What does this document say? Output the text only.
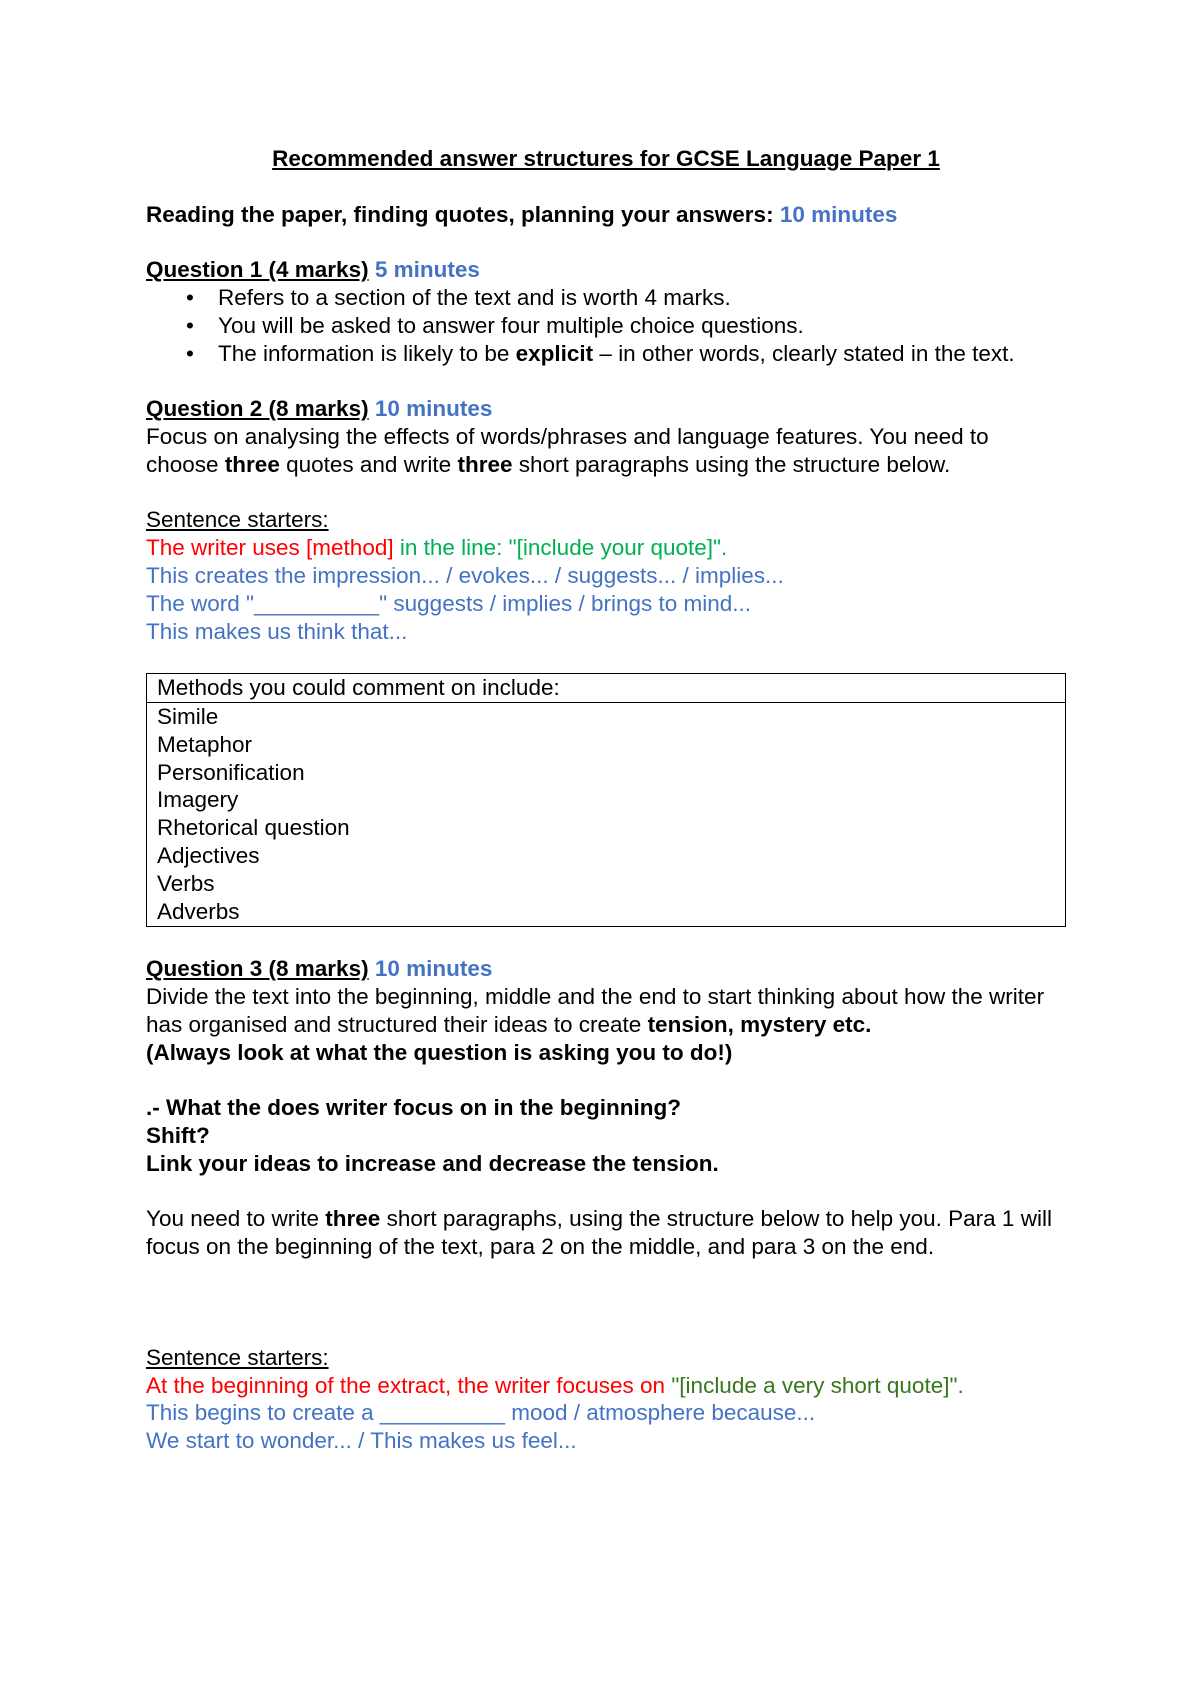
Recommended answer structures for GCSE Language Paper 1

Reading the paper, finding quotes, planning your answers: 10 minutes

Question 1 (4 marks) 5 minutes

• Refers to a section of the text and is worth 4 marks.
• You will be asked to answer four multiple choice questions.
• The information is likely to be explicit – in other words, clearly stated in the text.

Question 2 (8 marks) 10 minutes

Focus on analysing the effects of words/phrases and language features. You need to choose three quotes and write three short paragraphs using the structure below.

Sentence starters:

The writer uses [method] in the line: "[include your quote]".

This creates the impression... / evokes... / suggests... / implies...

The word "__________" suggests / implies / brings to mind...

This makes us think that...

Methods you could comment on include:
Simile
Metaphor
Personification
Imagery
Rhetorical question
Adjectives
Verbs
Adverbs

Question 3 (8 marks) 10 minutes

Divide the text into the beginning, middle and the end to start thinking about how the writer has organised and structured their ideas to create tension, mystery etc.

(Always look at what the question is asking you to do!)

.- What the does writer focus on in the beginning?

Shift?

Link your ideas to increase and decrease the tension.

You need to write three short paragraphs, using the structure below to help you. Para 1 will focus on the beginning of the text, para 2 on the middle, and para 3 on the end.

Sentence starters:

At the beginning of the extract, the writer focuses on "[include a very short quote]".

This begins to create a __________ mood / atmosphere because...

We start to wonder... / This makes us feel...
